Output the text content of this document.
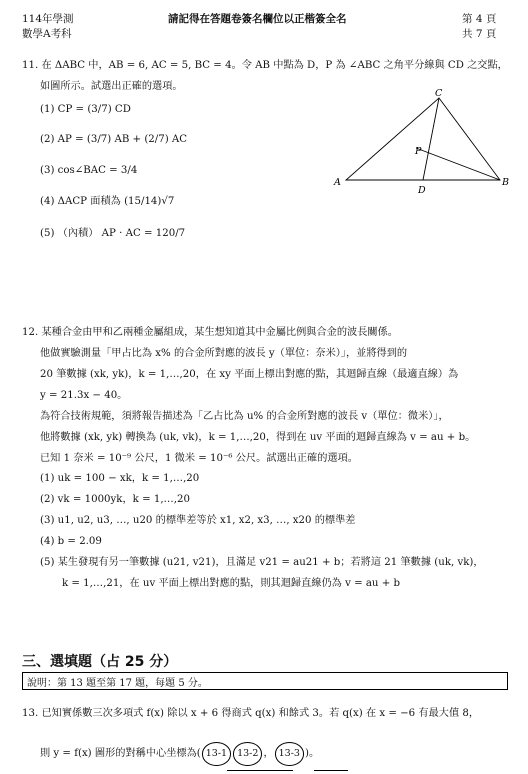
114年學測
數學A考科
請記得在答題卷簽名欄位以正楷簽全名	第 4 頁
共 7 頁
11. 在 ΔABC 中，AB = 6, AC = 5, BC = 4。令 AB 中點為 D，P 為 ∠ABC 之角平分線與 CD 之交點，
如圖所示。試選出正確的選項。
(1) CP = (3/7) CD
(2) AP = (3/7) AB + (2/7) AC
(3) cos∠BAC = 3/4
(4) ΔACP 面積為 (15/14)√7
(5) （內積） AP · AC = 120/7
A	B
C
D
P
12. 某種合金由甲和乙兩種金屬組成，某生想知道其中金屬比例與合金的波長關係。
他做實驗測量「甲占比為 x% 的合金所對應的波長 y（單位：奈米）」，並將得到的
20 筆數據 (xk, yk)，k = 1,…,20，在 xy 平面上標出對應的點，其迴歸直線（最適直線）為
y = 21.3x − 40。
為符合技術規範，須將報告描述為「乙占比為 u% 的合金所對應的波長 v（單位：微米）」，
他將數據 (xk, yk) 轉換為 (uk, vk)，k = 1,…,20，得到在 uv 平面的迴歸直線為 v = au + b。
已知 1 奈米 = 10⁻⁹ 公尺，1 微米 = 10⁻⁶ 公尺。試選出正確的選項。
(1) uk = 100 − xk，k = 1,…,20
(2) vk = 1000yk，k = 1,…,20
(3) u1, u2, u3, …, u20 的標準差等於 x1, x2, x3, …, x20 的標準差
(4) b = 2.09
(5) 某生發現有另一筆數據 (u21, v21)，且滿足 v21 = au21 + b；若將這 21 筆數據 (uk, vk)，
k = 1,…,21，在 uv 平面上標出對應的點，則其迴歸直線仍為 v = au + b
三、選填題（占 25 分）
說明：第 13 題至第 17 題，每題 5 分。
13. 已知實係數三次多項式 f(x) 除以 x + 6 得商式 q(x) 和餘式 3。若 q(x) 在 x = −6 有最大值 8，
則 y = f(x) 圖形的對稱中心坐標為( 13-1 13-2 ， 13-3 )。
